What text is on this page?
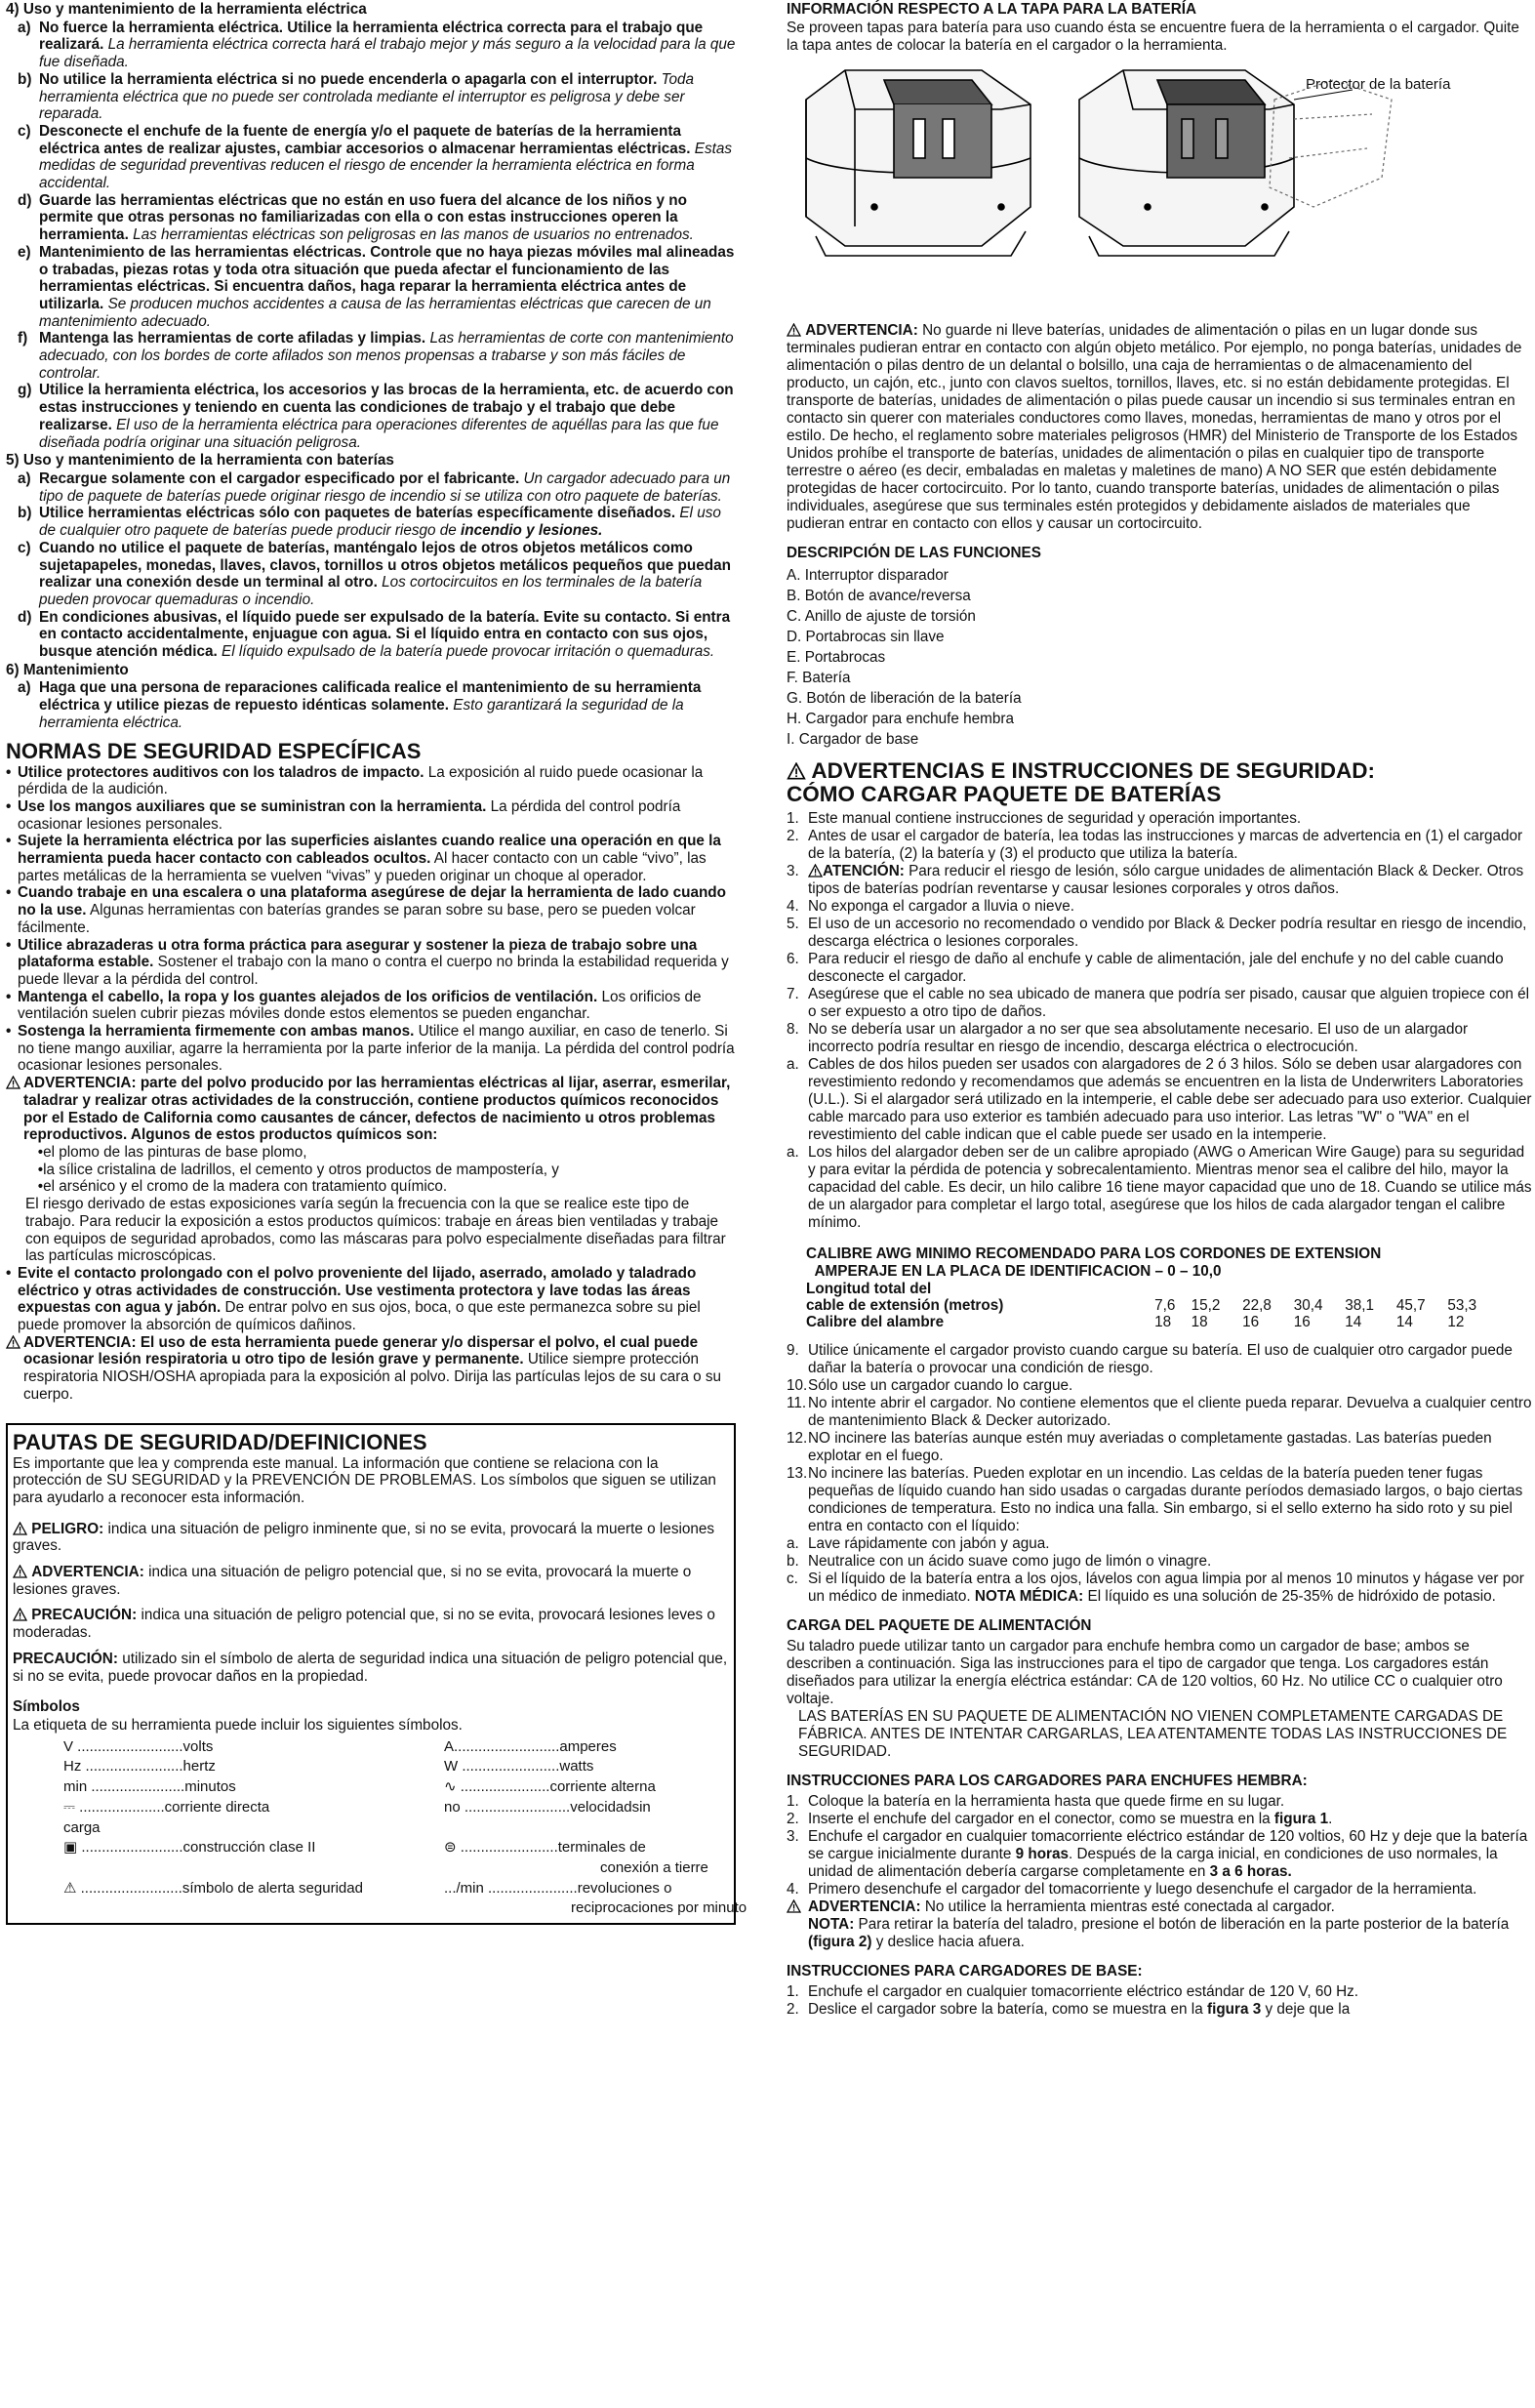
4) Uso y mantenimiento de la herramienta eléctrica
a) No fuerce la herramienta eléctrica. Utilice la herramienta eléctrica correcta para el trabajo que realizará. La herramienta eléctrica correcta hará el trabajo mejor y más seguro a la velocidad para la que fue diseñada.
b) No utilice la herramienta eléctrica si no puede encenderla o apagarla con el interruptor. Toda herramienta eléctrica que no puede ser controlada mediante el interruptor es peligrosa y debe ser reparada.
c) Desconecte el enchufe de la fuente de energía y/o el paquete de baterías de la herramienta eléctrica antes de realizar ajustes, cambiar accesorios o almacenar herramientas eléctricas. Estas medidas de seguridad preventivas reducen el riesgo de encender la herramienta eléctrica en forma accidental.
d) Guarde las herramientas eléctricas que no están en uso fuera del alcance de los niños y no permite que otras personas no familiarizadas con ella o con estas instrucciones operen la herramienta. Las herramientas eléctricas son peligrosas en las manos de usuarios no entrenados.
e) Mantenimiento de las herramientas eléctricas. Controle que no haya piezas móviles mal alineadas o trabadas, piezas rotas y toda otra situación que pueda afectar el funcionamiento de las herramientas eléctricas. Si encuentra daños, haga reparar la herramienta eléctrica antes de utilizarla. Se producen muchos accidentes a causa de las herramientas eléctricas que carecen de un mantenimiento adecuado.
f) Mantenga las herramientas de corte afiladas y limpias. Las herramientas de corte con mantenimiento adecuado, con los bordes de corte afilados son menos propensas a trabarse y son más fáciles de controlar.
g) Utilice la herramienta eléctrica, los accesorios y las brocas de la herramienta, etc. de acuerdo con estas instrucciones y teniendo en cuenta las condiciones de trabajo y el trabajo que debe realizarse. El uso de la herramienta eléctrica para operaciones diferentes de aquéllas para las que fue diseñada podría originar una situación peligrosa.
5) Uso y mantenimiento de la herramienta con baterías
a) Recargue solamente con el cargador especificado por el fabricante. Un cargador adecuado para un tipo de paquete de baterías puede originar riesgo de incendio si se utiliza con otro paquete de baterías.
b) Utilice herramientas eléctricas sólo con paquetes de baterías específicamente diseñados. El uso de cualquier otro paquete de baterías puede producir riesgo de incendio y lesiones.
c) Cuando no utilice el paquete de baterías, manténgalo lejos de otros objetos metálicos como sujetapapeles, monedas, llaves, clavos, tornillos u otros objetos metálicos pequeños que puedan realizar una conexión desde un terminal al otro. Los cortocircuitos en los terminales de la batería pueden provocar quemaduras o incendio.
d) En condiciones abusivas, el líquido puede ser expulsado de la batería. Evite su contacto. Si entra en contacto accidentalmente, enjuague con agua. Si el líquido entra en contacto con sus ojos, busque atención médica. El líquido expulsado de la batería puede provocar irritación o quemaduras.
6) Mantenimiento
a) Haga que una persona de reparaciones calificada realice el mantenimiento de su herramienta eléctrica y utilice piezas de repuesto idénticas solamente. Esto garantizará la seguridad de la herramienta eléctrica.
NORMAS DE SEGURIDAD ESPECÍFICAS
• Utilice protectores auditivos con los taladros de impacto. La exposición al ruido puede ocasionar la pérdida de la audición.
• Use los mangos auxiliares que se suministran con la herramienta. La pérdida del control podría ocasionar lesiones personales.
• Sujete la herramienta eléctrica por las superficies aislantes cuando realice una operación en que la herramienta pueda hacer contacto con cableados ocultos. Al hacer contacto con un cable “vivo”, las partes metálicas de la herramienta se vuelven “vivas” y pueden originar un choque al operador.
• Cuando trabaje en una escalera o una plataforma asegúrese de dejar la herramienta de lado cuando no la use. Algunas herramientas con baterías grandes se paran sobre su base, pero se pueden volcar fácilmente.
• Utilice abrazaderas u otra forma práctica para asegurar y sostener la pieza de trabajo sobre una plataforma estable. Sostener el trabajo con la mano o contra el cuerpo no brinda la estabilidad requerida y puede llevar a la pérdida del control.
• Mantenga el cabello, la ropa y los guantes alejados de los orificios de ventilación. Los orificios de ventilación suelen cubrir piezas móviles donde estos elementos se pueden enganchar.
• Sostenga la herramienta firmemente con ambas manos. Utilice el mango auxiliar, en caso de tenerlo. Si no tiene mango auxiliar, agarre la herramienta por la parte inferior de la manija. La pérdida del control podría ocasionar lesiones personales.
ADVERTENCIA: parte del polvo producido por las herramientas eléctricas al lijar, aserrar, esmerilar, taladrar y realizar otras actividades de la construcción, contiene productos químicos reconocidos por el Estado de California como causantes de cáncer, defectos de nacimiento u otros problemas reproductivos. Algunos de estos productos químicos son:
•el plomo de las pinturas de base plomo,
•la sílice cristalina de ladrillos, el cemento y otros productos de mampostería, y
•el arsénico y el cromo de la madera con tratamiento químico.

El riesgo derivado de estas exposiciones varía según la frecuencia con la que se realice este tipo de trabajo. Para reducir la exposición a estos productos químicos: trabaje en áreas bien ventiladas y trabaje con equipos de seguridad aprobados, como las máscaras para polvo especialmente diseñadas para filtrar las partículas microscópicas.

• Evite el contacto prolongado con el polvo proveniente del lijado, aserrado, amolado y taladrado eléctrico y otras actividades de construcción. Use vestimenta protectora y lave todas las áreas expuestas con agua y jabón. De entrar polvo en sus ojos, boca, o que este permanezca sobre su piel puede promover la absorción de químicos dañinos.
ADVERTENCIA: El uso de esta herramienta puede generar y/o dispersar el polvo, el cual puede ocasionar lesión respiratoria u otro tipo de lesión grave y permanente. Utilice siempre protección respiratoria NIOSH/OSHA apropiada para la exposición al polvo. Dirija las partículas lejos de su cara o su cuerpo.
PAUTAS DE SEGURIDAD/DEFINICIONES

Es importante que lea y comprenda este manual. La información que contiene se relaciona con la protección de SU SEGURIDAD y la PREVENCIÓN DE PROBLEMAS. Los símbolos que siguen se utilizan para ayudarlo a reconocer esta información.

PELIGRO: indica una situación de peligro inminente que, si no se evita, provocará la muerte o lesiones graves.

ADVERTENCIA: indica una situación de peligro potencial que, si no se evita, provocará la muerte o lesiones graves.

PRECAUCIÓN: indica una situación de peligro potencial que, si no se evita, provocará lesiones leves o moderadas.

PRECAUCIÓN: utilizado sin el símbolo de alerta de seguridad indica una situación de peligro potencial que, si no se evita, puede provocar daños en la propiedad.

Símbolos

La etiqueta de su herramienta puede incluir los siguientes símbolos.

V ..........................volts	A..........................amperes
Hz ........................hertz	W ........................watts
min .......................minutos	∿ ......................corriente alterna
⎓ .....................corriente directa	no ..........................velocidadsin
carga
▣ .........................construcción clase II	⊜ ........................terminales de
conexión a tierre
⚠ .........................símbolo de alerta seguridad	.../min ......................revoluciones o
reciprocaciones por minuto
INFORMACIÓN RESPECTO A LA TAPA PARA LA BATERÍA

Se proveen tapas para batería para uso cuando ésta se encuentre fuera de la herramienta o el cargador. Quite la tapa antes de colocar la batería en el cargador o la herramienta.

Protector de la batería

ADVERTENCIA: No guarde ni lleve baterías, unidades de alimentación o pilas en un lugar donde sus terminales pudieran entrar en contacto con algún objeto metálico. Por ejemplo, no ponga baterías, unidades de alimentación o pilas dentro de un delantal o bolsillo, una caja de herramientas o de almacenamiento del producto, un cajón, etc., junto con clavos sueltos, tornillos, llaves, etc. si no están debidamente protegidas. El transporte de baterías, unidades de alimentación o pilas puede causar un incendio si sus terminales entran en contacto sin querer con materiales conductores como llaves, monedas, herramientas de mano y otros por el estilo. De hecho, el reglamento sobre materiales peligrosos (HMR) del Ministerio de Transporte de los Estados Unidos prohíbe el transporte de baterías, unidades de alimentación o pilas en cualquier tipo de transporte terrestre o aéreo (es decir, embaladas en maletas y maletines de mano) A NO SER que estén debidamente protegidas de hacer cortocircuito. Por lo tanto, cuando transporte baterías, unidades de alimentación o pilas individuales, asegúrese que sus terminales estén protegidos y debidamente aislados de materiales que pudieran entrar en contacto con ellos y causar un cortocircuito.

DESCRIPCIÓN DE LAS FUNCIONES

A. Interruptor disparador

B. Botón de avance/reversa

C. Anillo de ajuste de torsión

D. Portabrocas sin llave

E. Portabrocas

F. Batería

G. Botón de liberación de la batería

H. Cargador para enchufe hembra

I. Cargador de base

ADVERTENCIAS E INSTRUCCIONES DE SEGURIDAD:
CÓMO CARGAR PAQUETE DE BATERÍAS
1. Este manual contiene instrucciones de seguridad y operación importantes.
2. Antes de usar el cargador de batería, lea todas las instrucciones y marcas de advertencia en (1) el cargador de la batería, (2) la batería y (3) el producto que utiliza la batería.
3.	ATENCIÓN: Para reducir el riesgo de lesión, sólo cargue unidades de alimentación Black & Decker. Otros tipos de baterías podrían reventarse y causar lesiones corporales y otros daños.
4. No exponga el cargador a lluvia o nieve.
5. El uso de un accesorio no recomendado o vendido por Black & Decker podría resultar en riesgo de incendio, descarga eléctrica o lesiones corporales.
6. Para reducir el riesgo de daño al enchufe y cable de alimentación, jale del enchufe y no del cable cuando desconecte el cargador.
7. Asegúrese que el cable no sea ubicado de manera que podría ser pisado, causar que alguien tropiece con él o ser expuesto a otro tipo de daños.
8. No se debería usar un alargador a no ser que sea absolutamente necesario. El uso de un alargador incorrecto podría resultar en riesgo de incendio, descarga eléctrica o electrocución.
a. Cables de dos hilos pueden ser usados con alargadores de 2 ó 3 hilos. Sólo se deben usar alargadores con revestimiento redondo y recomendamos que además se encuentren en la lista de Underwriters Laboratories (U.L.). Si el alargador será utilizado en la intemperie, el cable debe ser adecuado para uso exterior. Cualquier cable marcado para uso exterior es también adecuado para uso interior. Las letras "W" o "WA" en el revestimiento del cable indican que el cable puede ser usado en la intemperie.
a. Los hilos del alargador deben ser de un calibre apropiado (AWG o American Wire Gauge) para su seguridad y para evitar la pérdida de potencia y sobrecalentamiento. Mientras menor sea el calibre del hilo, mayor la capacidad del cable. Es decir, un hilo calibre 16 tiene mayor capacidad que uno de 18. Cuando se utilice más de un alargador para completar el largo total, asegúrese que los hilos de cada alargador tengan el calibre mínimo.
CALIBRE AWG MINIMO RECOMENDADO PARA LOS CORDONES DE EXTENSION
AMPERAJE EN LA PLACA DE IDENTIFICACION – 0 – 10,0
Longitud total del							
cable de extensión (metros)	7,6	15,2	22,8	30,4	38,1	45,7	53,3
Calibre del alambre	18	18	16	16	14	14	12
9. Utilice únicamente el cargador provisto cuando cargue su batería. El uso de cualquier otro cargador puede dañar la batería o provocar una condición de riesgo.
10. Sólo use un cargador cuando lo cargue.
11. No intente abrir el cargador. No contiene elementos que el cliente pueda reparar. Devuelva a cualquier centro de mantenimiento Black & Decker autorizado.
12. NO incinere las baterías aunque estén muy averiadas o completamente gastadas. Las baterías pueden explotar en el fuego.
13. No incinere las baterías. Pueden explotar en un incendio. Las celdas de la batería pueden tener fugas pequeñas de líquido cuando han sido usadas o cargadas durante períodos demasiado largos, o bajo ciertas condiciones de temperatura. Esto no indica una falla. Sin embargo, si el sello externo ha sido roto y su piel entra en contacto con el líquido:
a. Lave rápidamente con jabón y agua.
b. Neutralice con un ácido suave como jugo de limón o vinagre.
c. Si el líquido de la batería entra a los ojos, lávelos con agua limpia por al menos 10 minutos y hágase ver por un médico de inmediato. NOTA MÉDICA: El líquido es una solución de 25-35% de hidróxido de potasio.
CARGA DEL PAQUETE DE ALIMENTACIÓN

Su taladro puede utilizar tanto un cargador para enchufe hembra como un cargador de base; ambos se describen a continuación. Siga las instrucciones para el tipo de cargador que tenga. Los cargadores están diseñados para utilizar la energía eléctrica estándar: CA de 120 voltios, 60 Hz. No utilice CC o cualquier otro voltaje.

LAS BATERÍAS EN SU PAQUETE DE ALIMENTACIÓN NO VIENEN COMPLETAMENTE CARGADAS DE FÁBRICA. ANTES DE INTENTAR CARGARLAS, LEA ATENTAMENTE TODAS LAS INSTRUCCIONES DE SEGURIDAD.

INSTRUCCIONES PARA LOS CARGADORES PARA ENCHUFES HEMBRA:
1. Coloque la batería en la herramienta hasta que quede firme en su lugar.
2. Inserte el enchufe del cargador en el conector, como se muestra en la figura 1.
3. Enchufe el cargador en cualquier tomacorriente eléctrico estándar de 120 voltios, 60 Hz y deje que la batería se cargue inicialmente durante 9 horas. Después de la carga inicial, en condiciones de uso normales, la unidad de alimentación debería cargarse completamente en 3 a 6 horas.
4. Primero desenchufe el cargador del tomacorriente y luego desenchufe el cargador de la herramienta.
ADVERTENCIA: No utilice la herramienta mientras esté conectada al cargador.
NOTA: Para retirar la batería del taladro, presione el botón de liberación en la parte posterior de la batería (figura 2) y deslice hacia afuera.
INSTRUCCIONES PARA CARGADORES DE BASE:
1. Enchufe el cargador en cualquier tomacorriente eléctrico estándar de 120 V, 60 Hz.
2. Deslice el cargador sobre la batería, como se muestra en la figura 3 y deje que la
